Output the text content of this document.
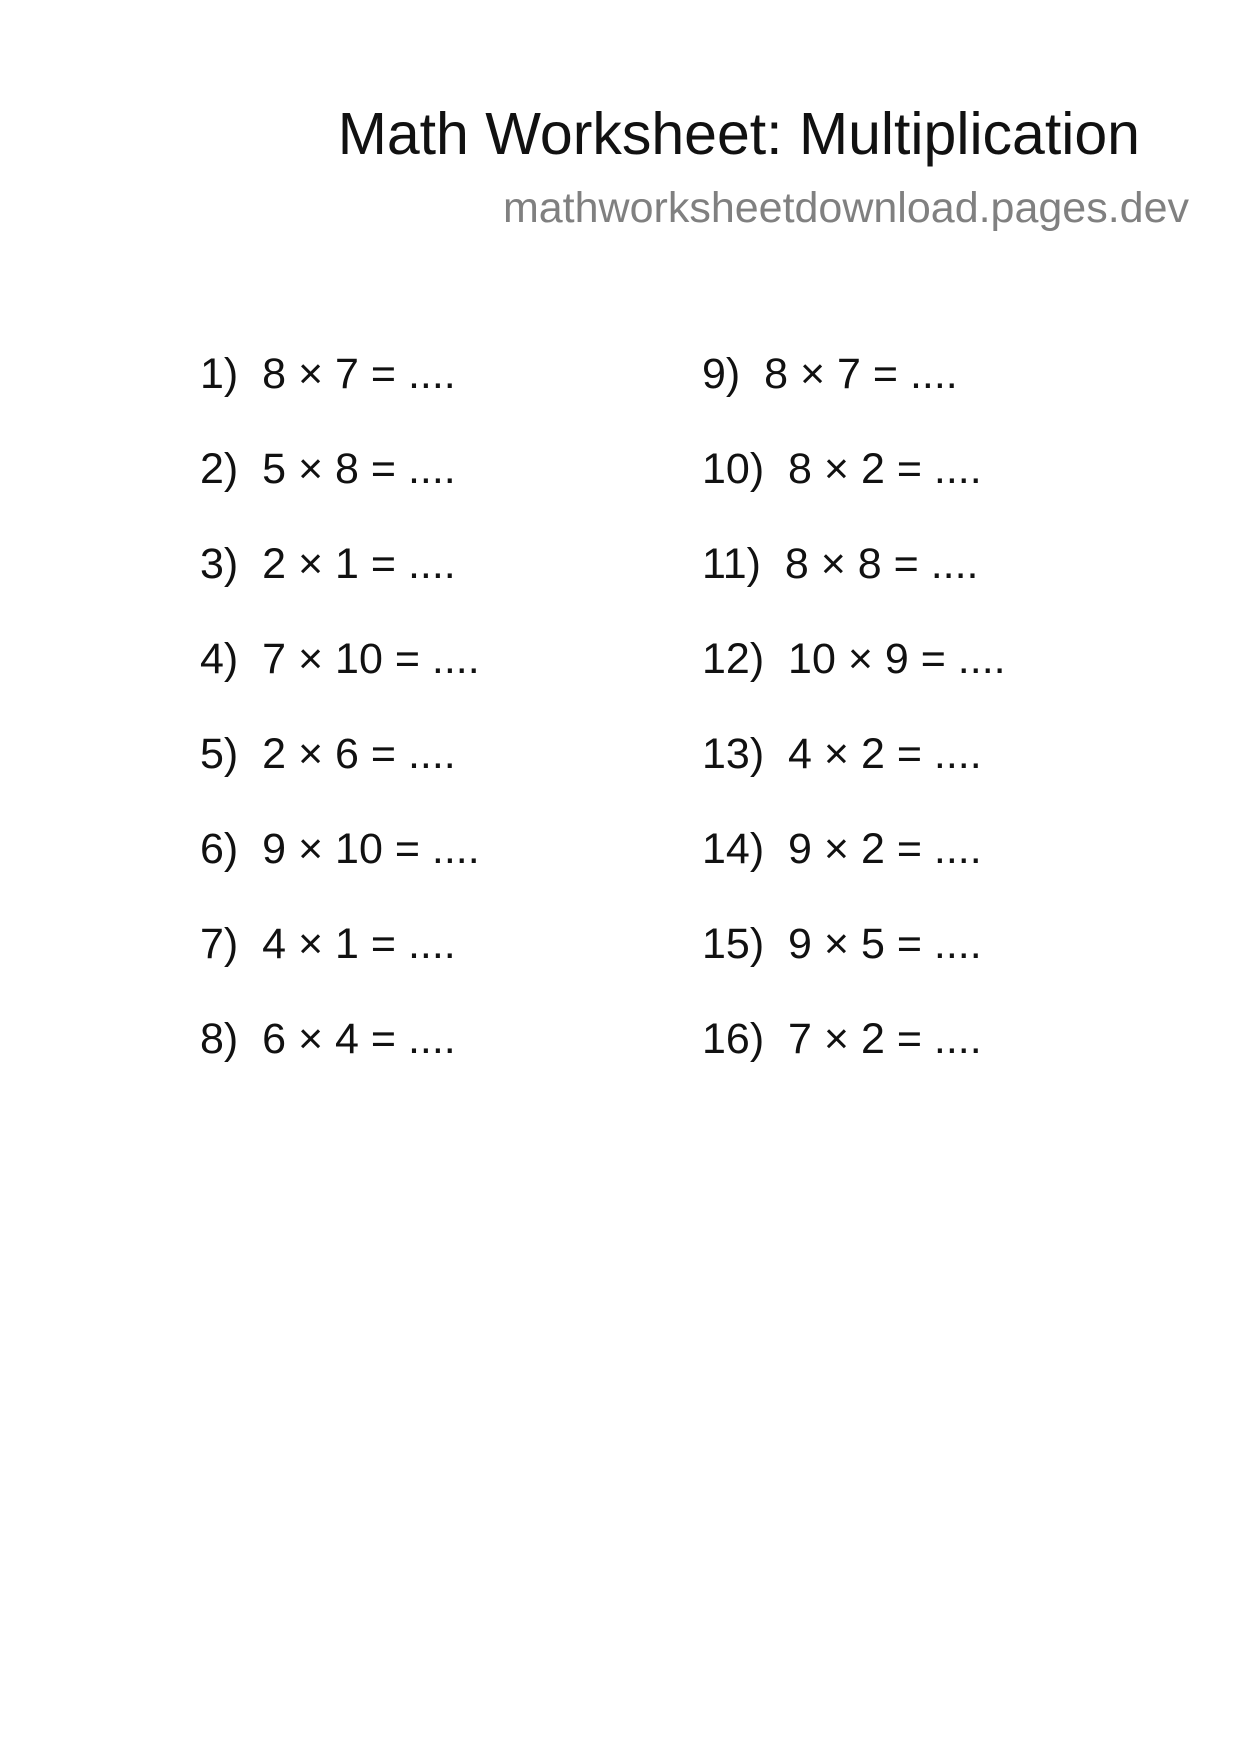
Math Worksheet: Multiplication
mathworksheetdownload.pages.dev
1)  8 × 7 = ....
2)  5 × 8 = ....
3)  2 × 1 = ....
4)  7 × 10 = ....
5)  2 × 6 = ....
6)  9 × 10 = ....
7)  4 × 1 = ....
8)  6 × 4 = ....
9)  8 × 7 = ....
10)  8 × 2 = ....
11)  8 × 8 = ....
12)  10 × 9 = ....
13)  4 × 2 = ....
14)  9 × 2 = ....
15)  9 × 5 = ....
16)  7 × 2 = ....
